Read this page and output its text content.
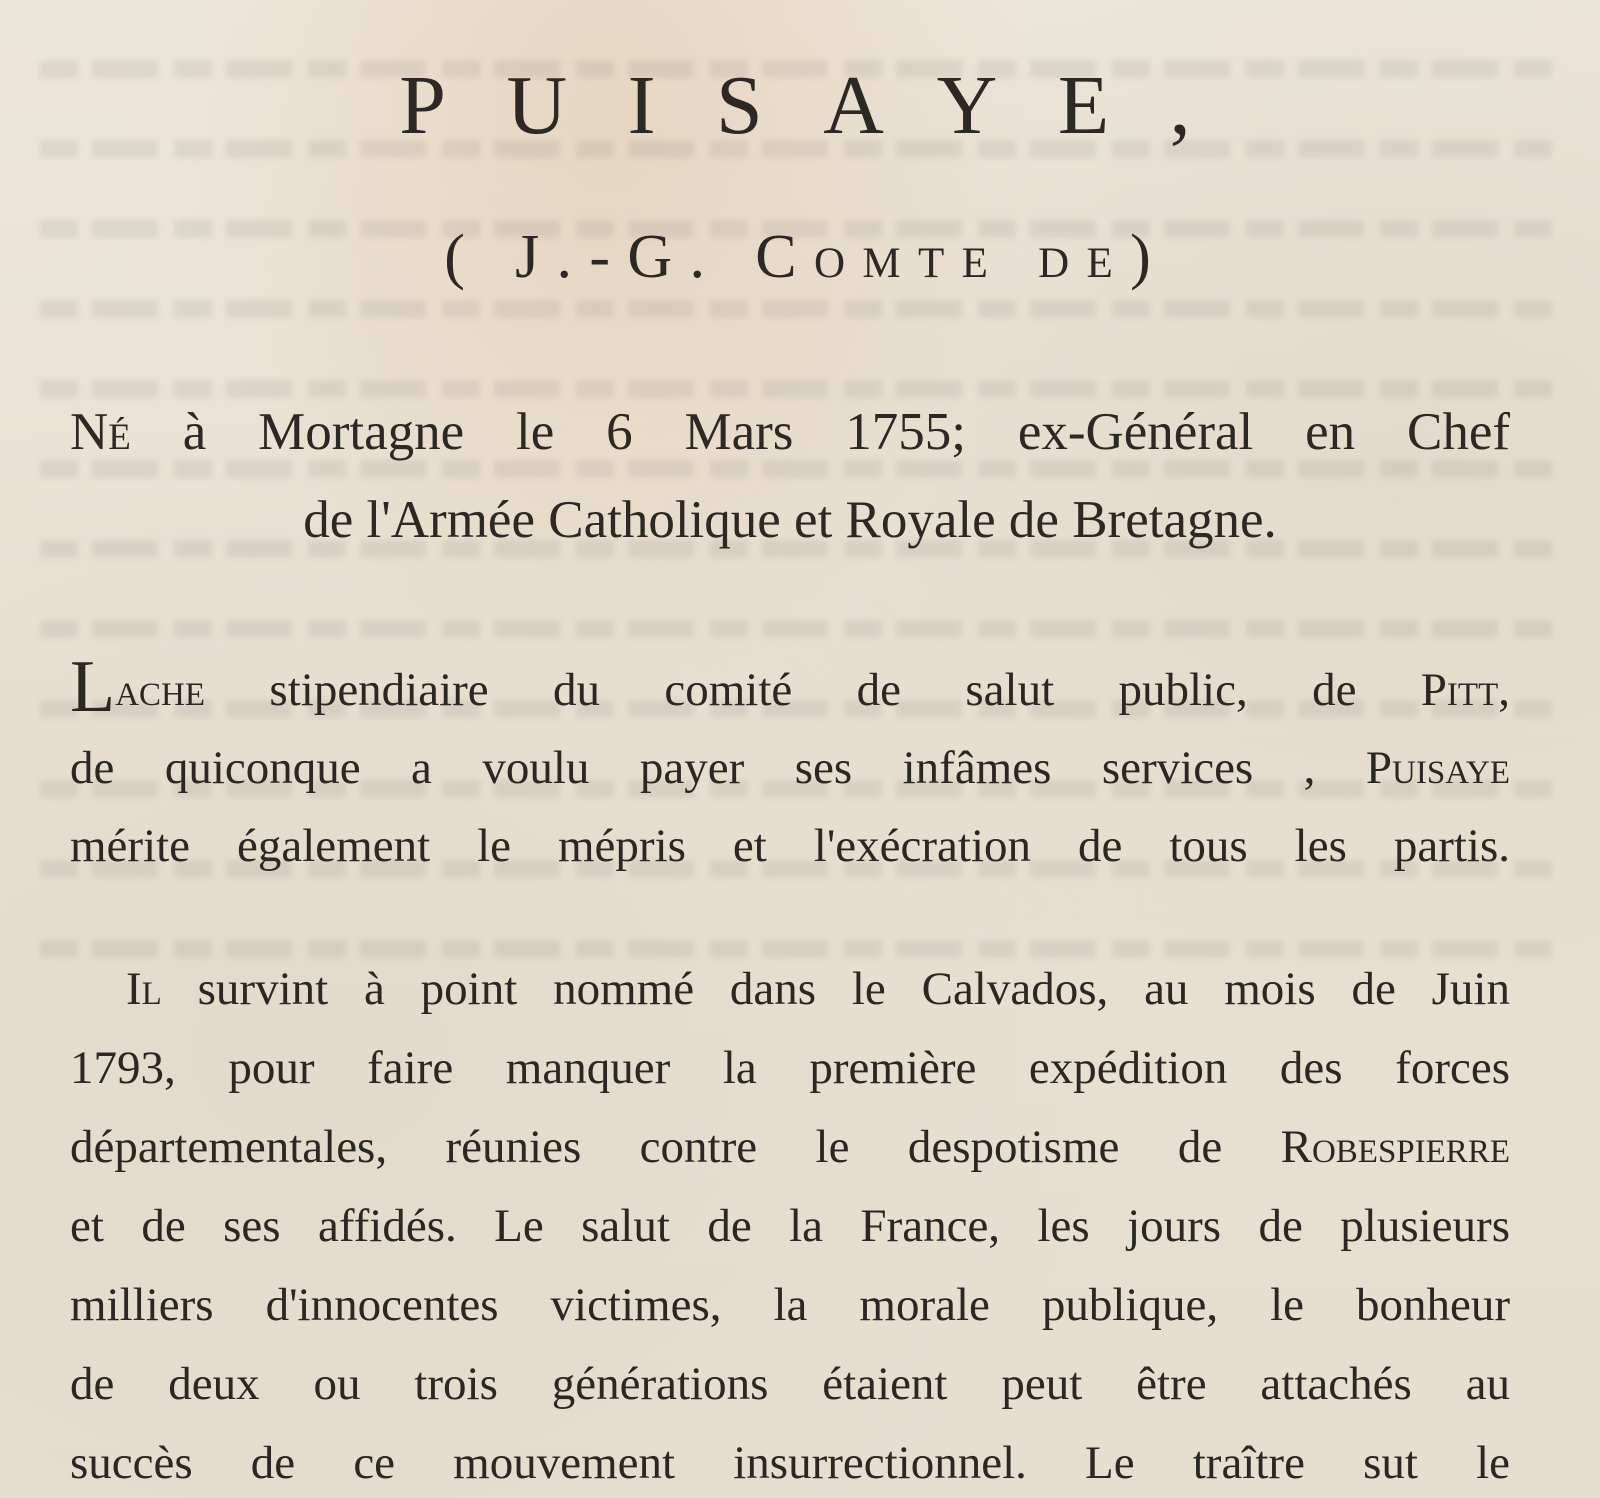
PUISAYE,
( J.-G. Comte de)
Né à Mortagne le 6 Mars 1755; ex-Général en Chef
de l'Armée Catholique et Royale de Bretagne.
Lache stipendiaire du comité de salut public, de Pitt,
de quiconque a voulu payer ses infâmes services , Puisaye
mérite également le mépris et l'exécration de tous les partis.
Il survint à point nommé dans le Calvados, au mois de Juin
1793, pour faire manquer la première expédition des forces
départementales, réunies contre le despotisme de Robespierre
et de ses affidés. Le salut de la France, les jours de plusieurs
milliers d'innocentes victimes, la morale publique, le bonheur
de deux ou trois générations étaient peut être attachés au
succès de ce mouvement insurrectionnel. Le traître sut le
